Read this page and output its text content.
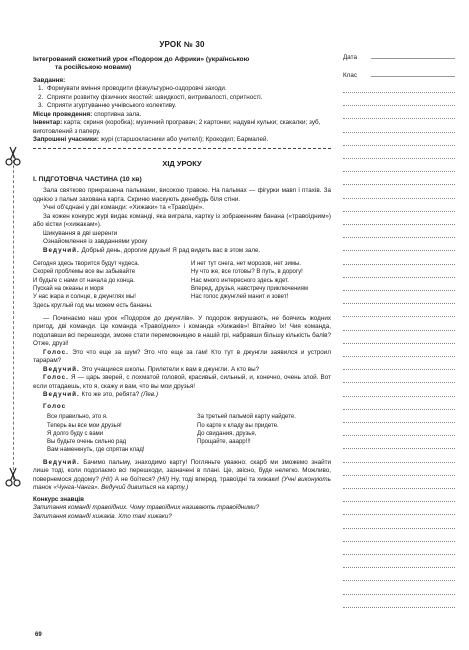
УРОК № 30
Інтегрований сюжетний урок «Подорож до Африки» (українською
та російською мовами)
Завдання:
1. Формувати вміння проводити фізкультурно-оздоровчі заходи.
2. Сприяти розвитку фізичних якостей: швидкості, витривалості, спритності.
3. Сприяти згуртуванню учнівського колективу.
Місце проведення: спортивна зала.
Інвентар: карта; скриня (коробка); музичний програвач; 2 картонки; надувні кульки; скакалки; зуб, виготовлений з паперу.
Запрошені учасники: журі (старшокласники або учителі); Крокодил; Бармалей.
ХІД УРОКУ
І. ПІДГОТОВЧА ЧАСТИНА (10 хв)

Зала святково прикрашена пальмами, високою травою. На пальмах — фігурки мавп і птахів. За однією з пальм захована карта. Скриню маскують денебудь біля стіни.

Учні об'єднані у дві команди: «Хижаки» та «Травоїдні».

За кожен конкурс журі видає команді, яка виграла, картку із зображенням банана («травоїдним») або кістки («хижакам»).

Шикування в дві шеренги

Ознайомлення із завданнями уроку

Ведучий. Добрый день, дорогие друзья! Я рад видеть вас в этом зале.

Сегодня здесь творится будут чудеса.
Скорей проблемы все вы забывайте
И будьте с нами от начала до конца.
Пускай на океаны и моря
У нас жара и солнце, в джунглях мы!
Здесь круглый год мы можем есть бананы.
И нет тут снега, нет морозов, нет зимы.
Ну что же, все готовы? В путь, в дорогу!
Нас много интересного здесь ждет.
Вперед, друзья, навстречу приключениям
Нас голос джунглей манит и зовет!

— Починаємо наш урок «Подорож до джунглів». У подорож вирушають, не боячись жодних пригод, дві команди. Це команда «Травоїдних» і команда «Хижаків»! Вітаймо їх! Чия команда, подолавши всі перешкоди, зможе стати переможницею в нашій грі, набравши більшу кількість балів? Отже, друзі!

Голос. Это что еще за шум? Это что еще за гам! Кто тут в джунгли заявился и устроил тарарам?

Ведучий. Это учащиеся школы. Прилетели к вам в джунгли. А кто вы?

Голос. Я — царь зверей, с лохматой головой, красивый, сильный, и, конечно, очень злой. Вот если отгадаешь, кто я, скажу и вам, что вы мои друзья!

Ведучий. Кто же это, ребята? (Лев.)

Голос

Все правильно, это я.
Теперь вы все мои друзья!
Я долго буду с вами
Вы будьте очень сильно рад
Вам наменкнуть, где спрятан клад!
За третьей пальмой карту найдете.
По карте к кладу вы придете.
До свидания, друзья,
Прощайте, ааарр!!!

Ведучий. Бачимо пальму, знаходимо карту! Погляньте уважно: скарб ми зможемо знайти лише тоді, коли подолаємо всі перешкоди, зазначені в плані. Це, звісно, буде нелегко. Можливо, повернемося додому? (Ні!) А не боїтеся? (Ні!) Ну, тоді вперед, травоїдні та хижаки! (Учні виконують танок «Чунга-Чанга». Ведучий дивиться на карту.)

Конкурс знавців

Запитання команді травоїдних. Чому травоїдних називають травоїдними?

Запитання команді хижаків. Хто такі хижаки?

69
Дата
Клас
